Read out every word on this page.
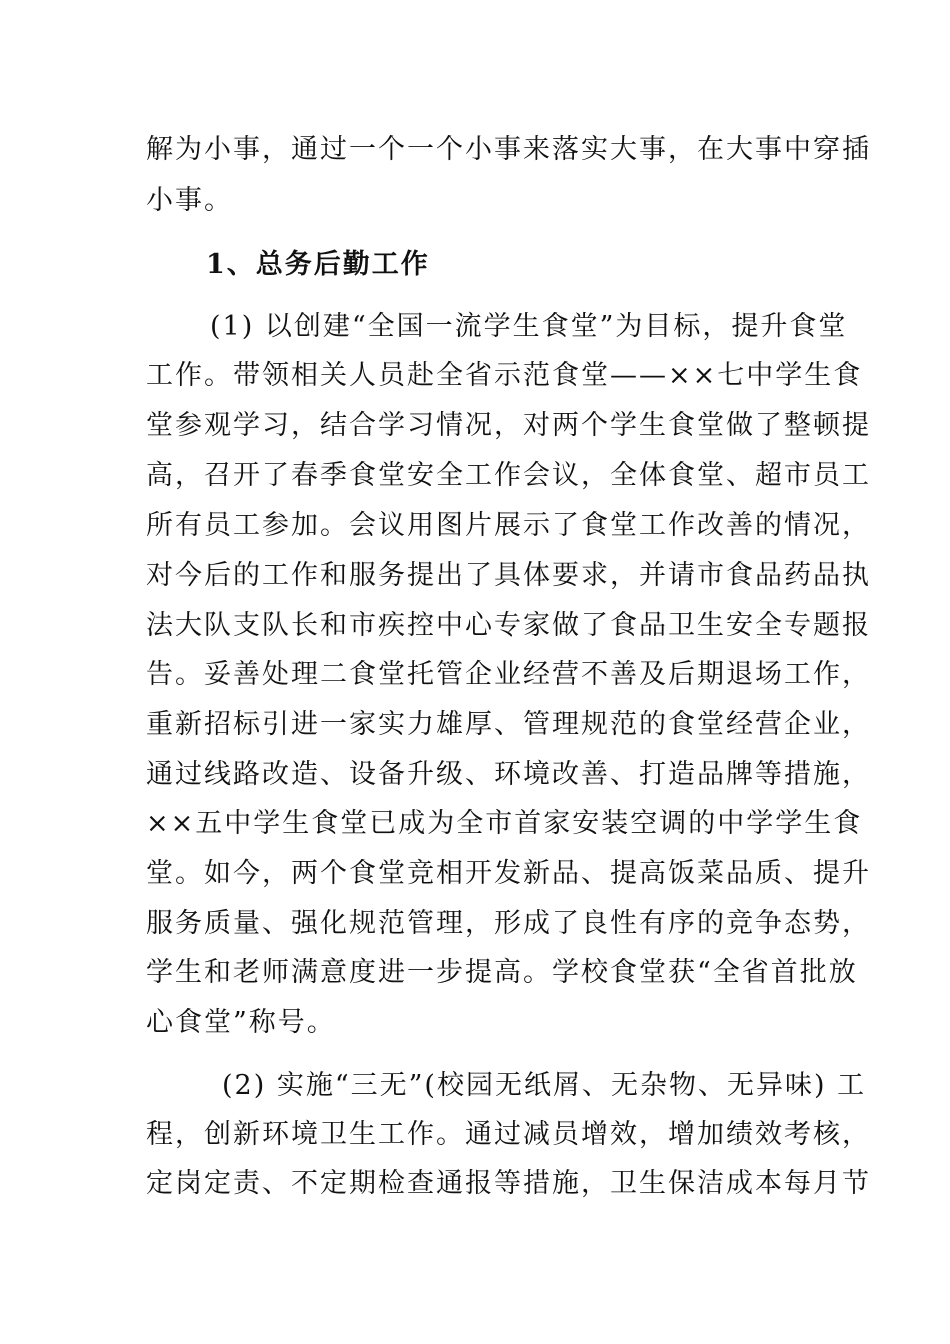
解为小事，通过一个一个小事来落实大事，在大事中穿插
小事。
1、总务后勤工作
(1) 以创建“全国一流学生食堂”为目标，提升食堂
工作。带领相关人员赴全省示范食堂——××七中学生食
堂参观学习，结合学习情况，对两个学生食堂做了整顿提
高，召开了春季食堂安全工作会议，全体食堂、超市员工
所有员工参加。会议用图片展示了食堂工作改善的情况，
对今后的工作和服务提出了具体要求，并请市食品药品执
法大队支队长和市疾控中心专家做了食品卫生安全专题报
告。妥善处理二食堂托管企业经营不善及后期退场工作，
重新招标引进一家实力雄厚、管理规范的食堂经营企业，
通过线路改造、设备升级、环境改善、打造品牌等措施，
××五中学生食堂已成为全市首家安装空调的中学学生食
堂。如今，两个食堂竞相开发新品、提高饭菜品质、提升
服务质量、强化规范管理，形成了良性有序的竞争态势，
学生和老师满意度进一步提高。学校食堂获“全省首批放
心食堂”称号。
(2) 实施“三无”(校园无纸屑、无杂物、无异味) 工
程，创新环境卫生工作。通过减员增效，增加绩效考核，
定岗定责、不定期检查通报等措施，卫生保洁成本每月节
